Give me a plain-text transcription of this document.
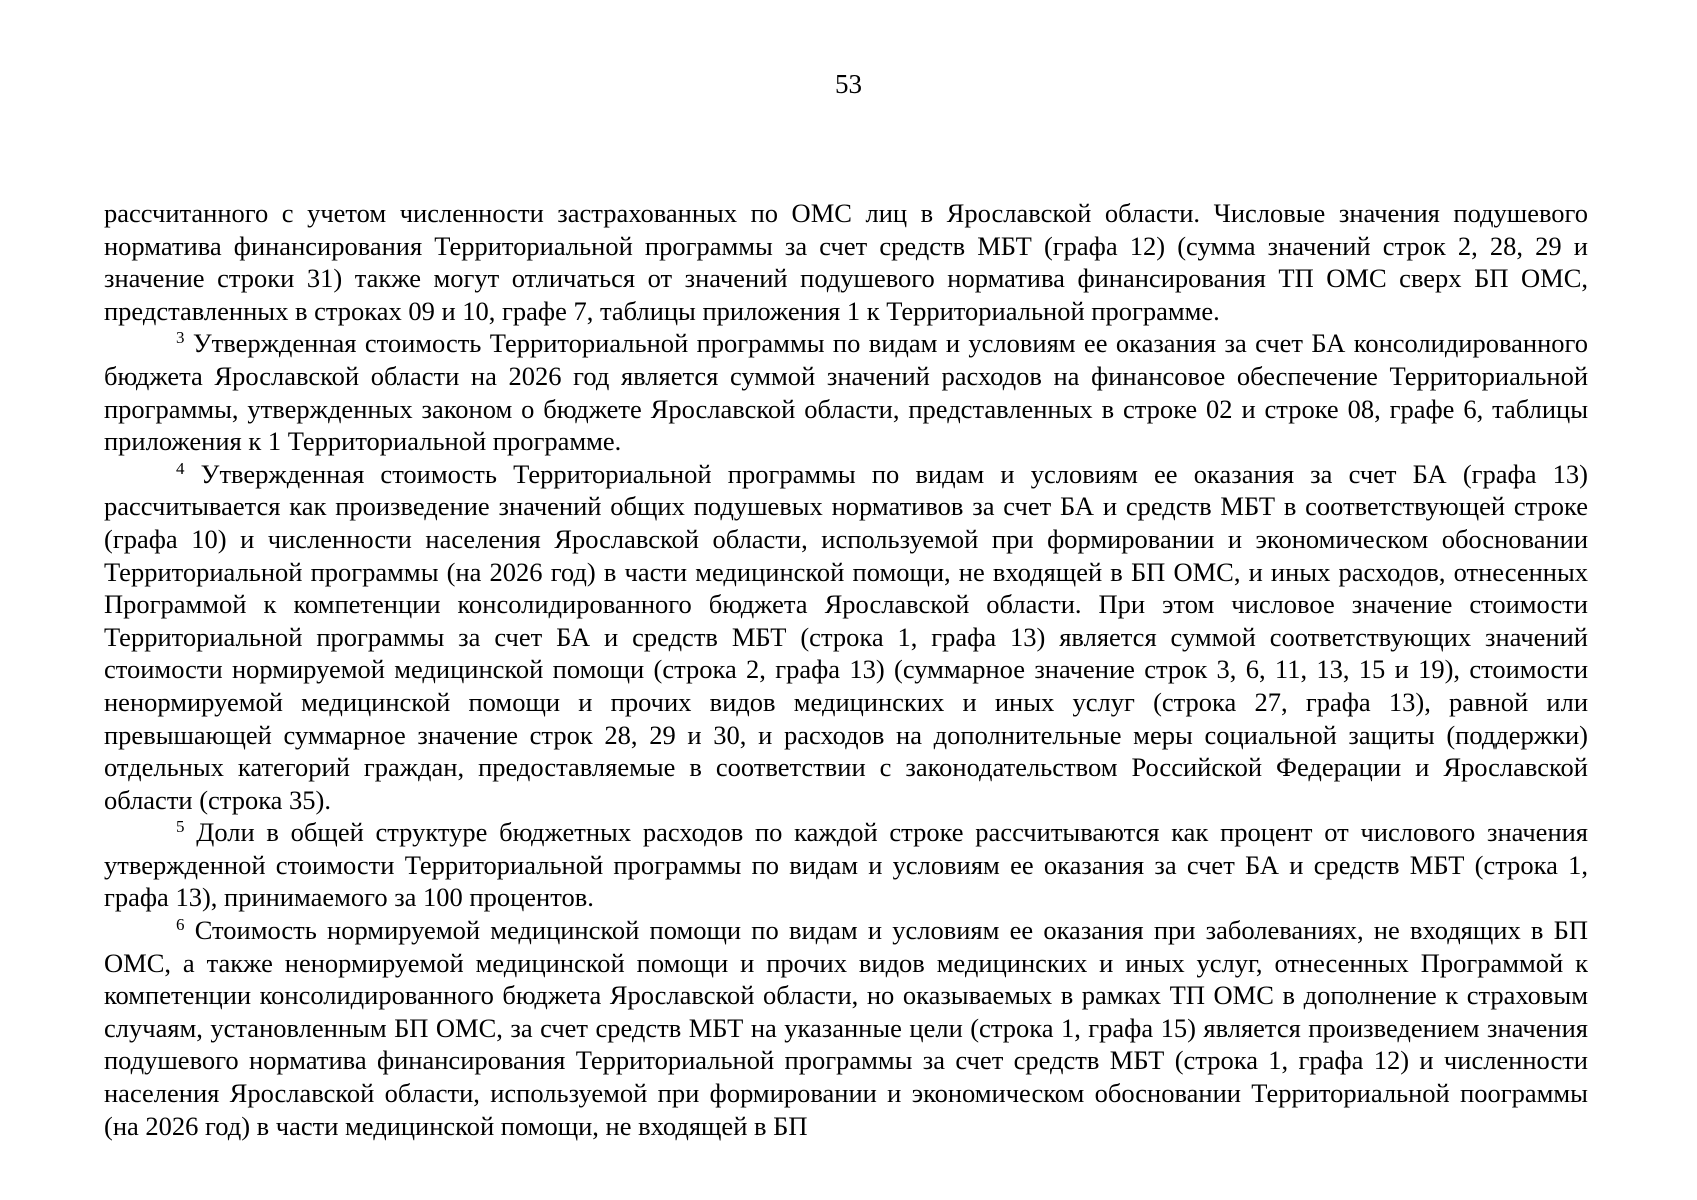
53

рассчитанного с учетом численности застрахованных по ОМС лиц в Ярославской области. Числовые значения подушевого норматива финансирования Территориальной программы за счет средств МБТ (графа 12) (сумма значений строк 2, 28, 29 и значение строки 31) также могут отличаться от значений подушевого норматива финансирования ТП ОМС сверх БП ОМС, представленных в строках 09 и 10, графе 7, таблицы приложения 1 к Территориальной программе.

$^3$ Утвержденная стоимость Территориальной программы по видам и условиям ее оказания за счет БА консолидированного бюджета Ярославской области на 2026 год является суммой значений расходов на финансовое обеспечение Территориальной программы, утвержденных законом о бюджете Ярославской области, представленных в строке 02 и строке 08, графе 6, таблицы приложения к 1 Территориальной программе.

$^4$ Утвержденная стоимость Территориальной программы по видам и условиям ее оказания за счет БА (графа 13) рассчитывается как произведение значений общих подушевых нормативов за счет БА и средств МБТ в соответствующей строке (графа 10) и численности населения Ярославской области, используемой при формировании и экономическом обосновании Территориальной программы (на 2026 год) в части медицинской помощи, не входящей в БП ОМС, и иных расходов, отнесенных Программой к компетенции консолидированного бюджета Ярославской области. При этом числовое значение стоимости Территориальной программы за счет БА и средств МБТ (строка 1, графа 13) является суммой соответствующих значений стоимости нормируемой медицинской помощи (строка 2, графа 13) (суммарное значение строк 3, 6, 11, 13, 15 и 19), стоимости ненормируемой медицинской помощи и прочих видов медицинских и иных услуг (строка 27, графа 13), равной или превышающей суммарное значение строк 28, 29 и 30, и расходов на дополнительные меры социальной защиты (поддержки) отдельных категорий граждан, предоставляемые в соответствии с законодательством Российской Федерации и Ярославской области (строка 35).

$^5$ Доли в общей структуре бюджетных расходов по каждой строке рассчитываются как процент от числового значения утвержденной стоимости Территориальной программы по видам и условиям ее оказания за счет БА и средств МБТ (строка 1, графа 13), принимаемого за 100 процентов.

$^6$ Стоимость нормируемой медицинской помощи по видам и условиям ее оказания при заболеваниях, не входящих в БП ОМС, а также ненормируемой медицинской помощи и прочих видов медицинских и иных услуг, отнесенных Программой к компетенции консолидированного бюджета Ярославской области, но оказываемых в рамках ТП ОМС в дополнение к страховым случаям, установленным БП ОМС, за счет средств МБТ на указанные цели (строка 1, графа 15) является произведением значения подушевого норматива финансирования Территориальной программы за счет средств МБТ (строка 1, графа 12) и численности населения Ярославской области, используемой при формировании и экономическом обосновании Территориальной поограммы (на 2026 год) в части медицинской помощи, не входящей в БП
